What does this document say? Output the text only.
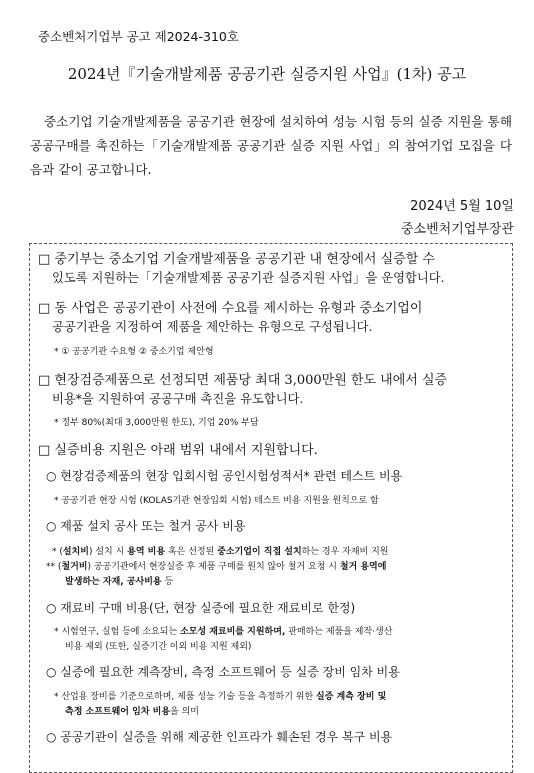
중소벤처기업부 공고 제2024-310호
2024년『기술개발제품 공공기관 실증지원 사업』(1차) 공고
중소기업 기술개발제품을 공공기관 현장에 설치하여 성능 시험 등의 실증 지원을 통해 공공구매를 촉진하는「기술개발제품 공공기관 실증 지원 사업」의 참여기업 모집을 다음과 같이 공고합니다.
2024년 5월 10일
중소벤처기업부장관
□ 중기부는 중소기업 기술개발제품을 공공기관 내 현장에서 실증할 수
있도록 지원하는「기술개발제품 공공기관 실증지원 사업」을 운영합니다.
□ 동 사업은 공공기관이 사전에 수요를 제시하는 유형과 중소기업이
공공기관을 지정하여 제품을 제안하는 유형으로 구성됩니다.
* ① 공공기관 수요형 ② 중소기업 제안형
□ 현장검증제품으로 선정되면 제품당 최대 3,000만원 한도 내에서 실증
비용*을 지원하여 공공구매 촉진을 유도합니다.
* 정부 80%(최대 3,000만원 한도), 기업 20% 부담
□ 실증비용 지원은 아래 범위 내에서 지원합니다.
○ 현장검증제품의 현장 입회시험 공인시험성적서* 관련 테스트 비용
* 공공기관 현장 시험 (KOLAS기관 현장입회 시험) 테스트 비용 지원을 원칙으로 함
○ 제품 설치 공사 또는 철거 공사 비용
* (설치비) 설치 시 용역 비용 혹은 선정된 중소기업이 직접 설치하는 경우 자재비 지원
** (철거비) 공공기관에서 현장실증 후 제품 구매를 원치 않아 철거 요청 시 철거 용역에
발생하는 자재, 공사비용 등
○ 재료비 구매 비용(단, 현장 실증에 필요한 재료비로 한정)
* 시험연구, 실험 등에 소요되는 소모성 재료비를 지원하며, 판매하는 제품을 제작·생산
비용 제외 (또한, 실증기간 이외 비용 지원 제외)
○ 실증에 필요한 계측장비, 측정 소프트웨어 등 실증 장비 임차 비용
* 산업용 장비를 기준으로하며, 제품 성능 기술 등을 측정하기 위한 실증 계측 장비 및
측정 소프트웨어 임차 비용을 의미
○ 공공기관이 실증을 위해 제공한 인프라가 훼손된 경우 복구 비용
